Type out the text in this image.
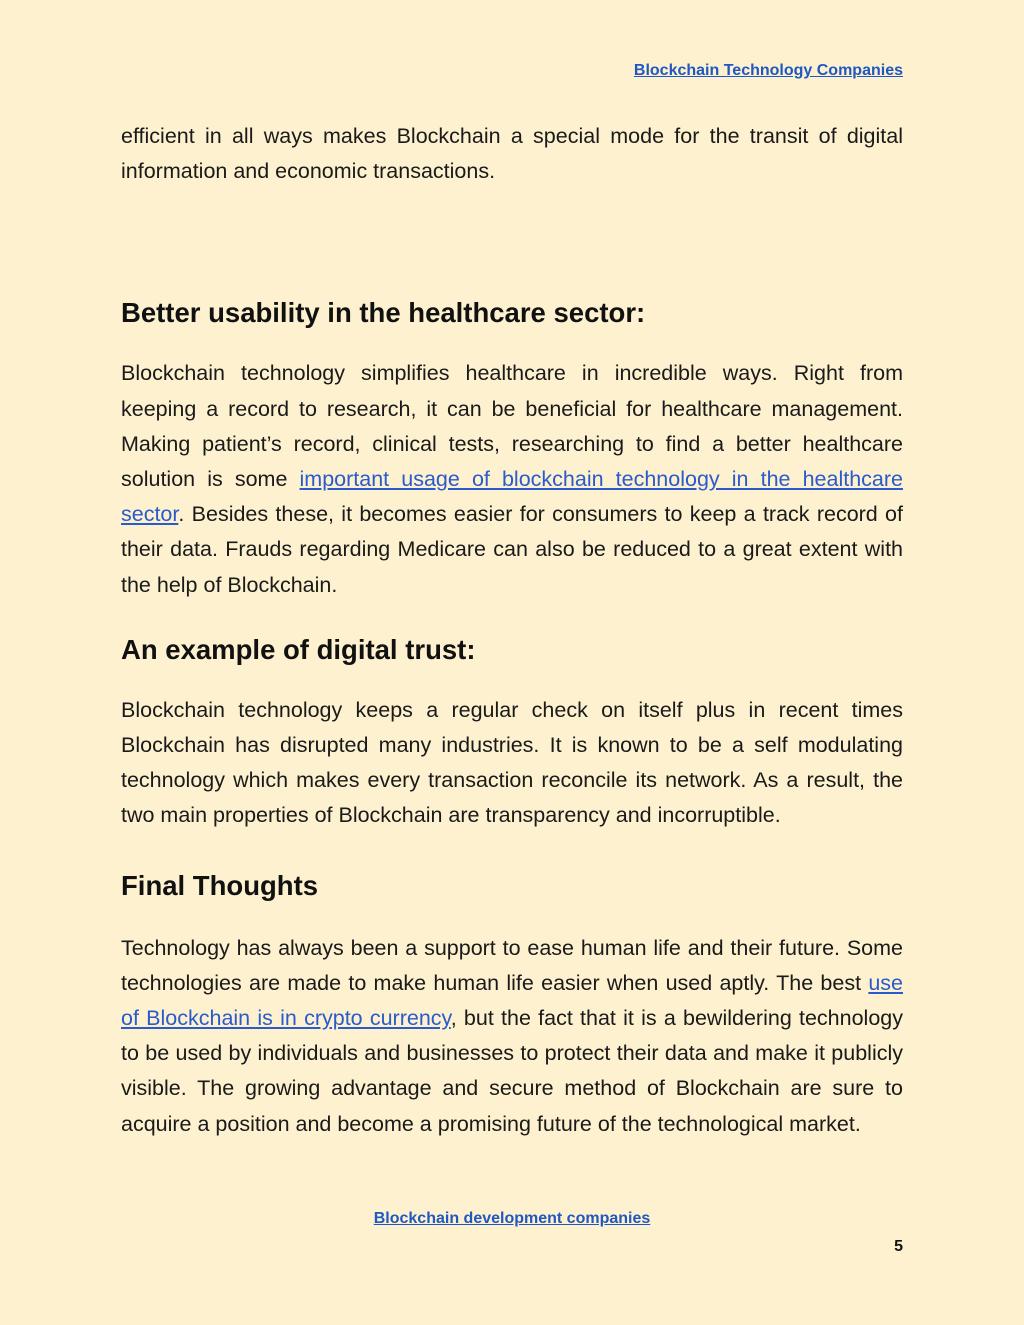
Blockchain Technology Companies

efficient in all ways makes Blockchain a special mode for the transit of digital information and economic transactions.

Better usability in the healthcare sector:

Blockchain technology simplifies healthcare in incredible ways. Right from keeping a record to research, it can be beneficial for healthcare management. Making patient’s record, clinical tests, researching to find a better healthcare solution is some important usage of blockchain technology in the healthcare sector. Besides these, it becomes easier for consumers to keep a track record of their data. Frauds regarding Medicare can also be reduced to a great extent with the help of Blockchain.

An example of digital trust:

Blockchain technology keeps a regular check on itself plus in recent times Blockchain has disrupted many industries. It is known to be a self modulating technology which makes every transaction reconcile its network. As a result, the two main properties of Blockchain are transparency and incorruptible.

Final Thoughts

Technology has always been a support to ease human life and their future. Some technologies are made to make human life easier when used aptly. The best use of Blockchain is in crypto currency, but the fact that it is a bewildering technology to be used by individuals and businesses to protect their data and make it publicly visible. The growing advantage and secure method of Blockchain are sure to acquire a position and become a promising future of the technological market.

Blockchain development companies
5
